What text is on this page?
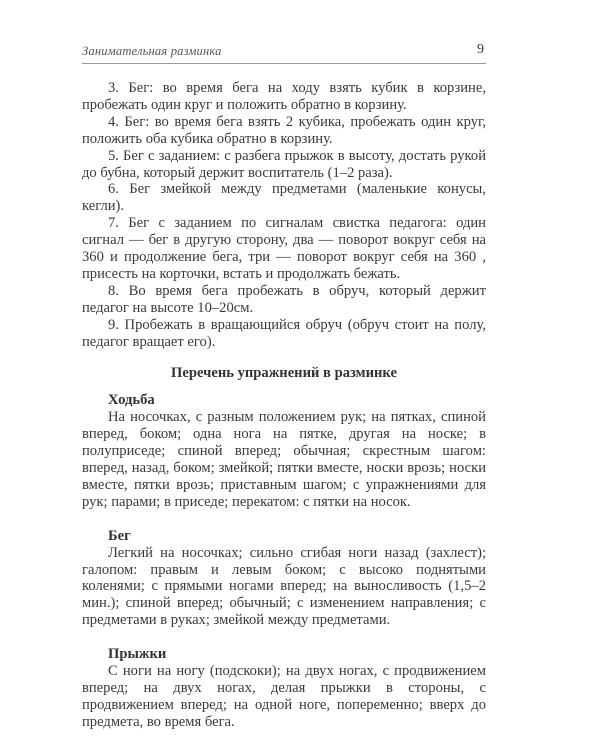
Занимательная разминка	9

3. Бег: во время бега на ходу взять кубик в корзине, пробежать один круг и положить обратно в корзину.

4. Бег: во время бега взять 2 кубика, пробежать один круг, положить оба кубика обратно в корзину.

5. Бег с заданием: с разбега прыжок в высоту, достать рукой до бубна, который держит воспитатель (1–2 раза).

6. Бег змейкой между предметами (маленькие конусы, кегли).

7. Бег с заданием по сигналам свистка педагога: один сигнал — бег в другую сторону, два — поворот вокруг себя на 360 и продолжение бега, три — поворот вокруг себя на 360 , присесть на корточки, встать и продолжать бежать.

8. Во время бега пробежать в обруч, который держит педагог на высоте 10–20см.

9. Пробежать в вращающийся обруч (обруч стоит на полу, педагог вращает его).

Перечень упражнений в разминке

Ходьба

На носочках, с разным положением рук; на пятках, спиной вперед, боком; одна нога на пятке, другая на носке; в полуприседе; спиной вперед; обычная; скрестным шагом: вперед, назад, боком; змейкой; пятки вместе, носки врозь; носки вместе, пятки врозь; приставным шагом; с упражнениями для рук; парами; в приседе; перекатом: с пятки на носок.

Бег

Легкий на носочках; сильно сгибая ноги назад (захлест); галопом: правым и левым боком; с высоко поднятыми коленями; с прямыми ногами вперед; на выносливость (1,5–2 мин.); спиной вперед; обычный; с изменением направления; с предметами в руках; змейкой между предметами.

Прыжки

С ноги на ногу (подскоки); на двух ногах, с продвижением вперед; на двух ногах, делая прыжки в стороны, с продвижением вперед; на одной ноге, попеременно; вверх до предмета, во время бега.
